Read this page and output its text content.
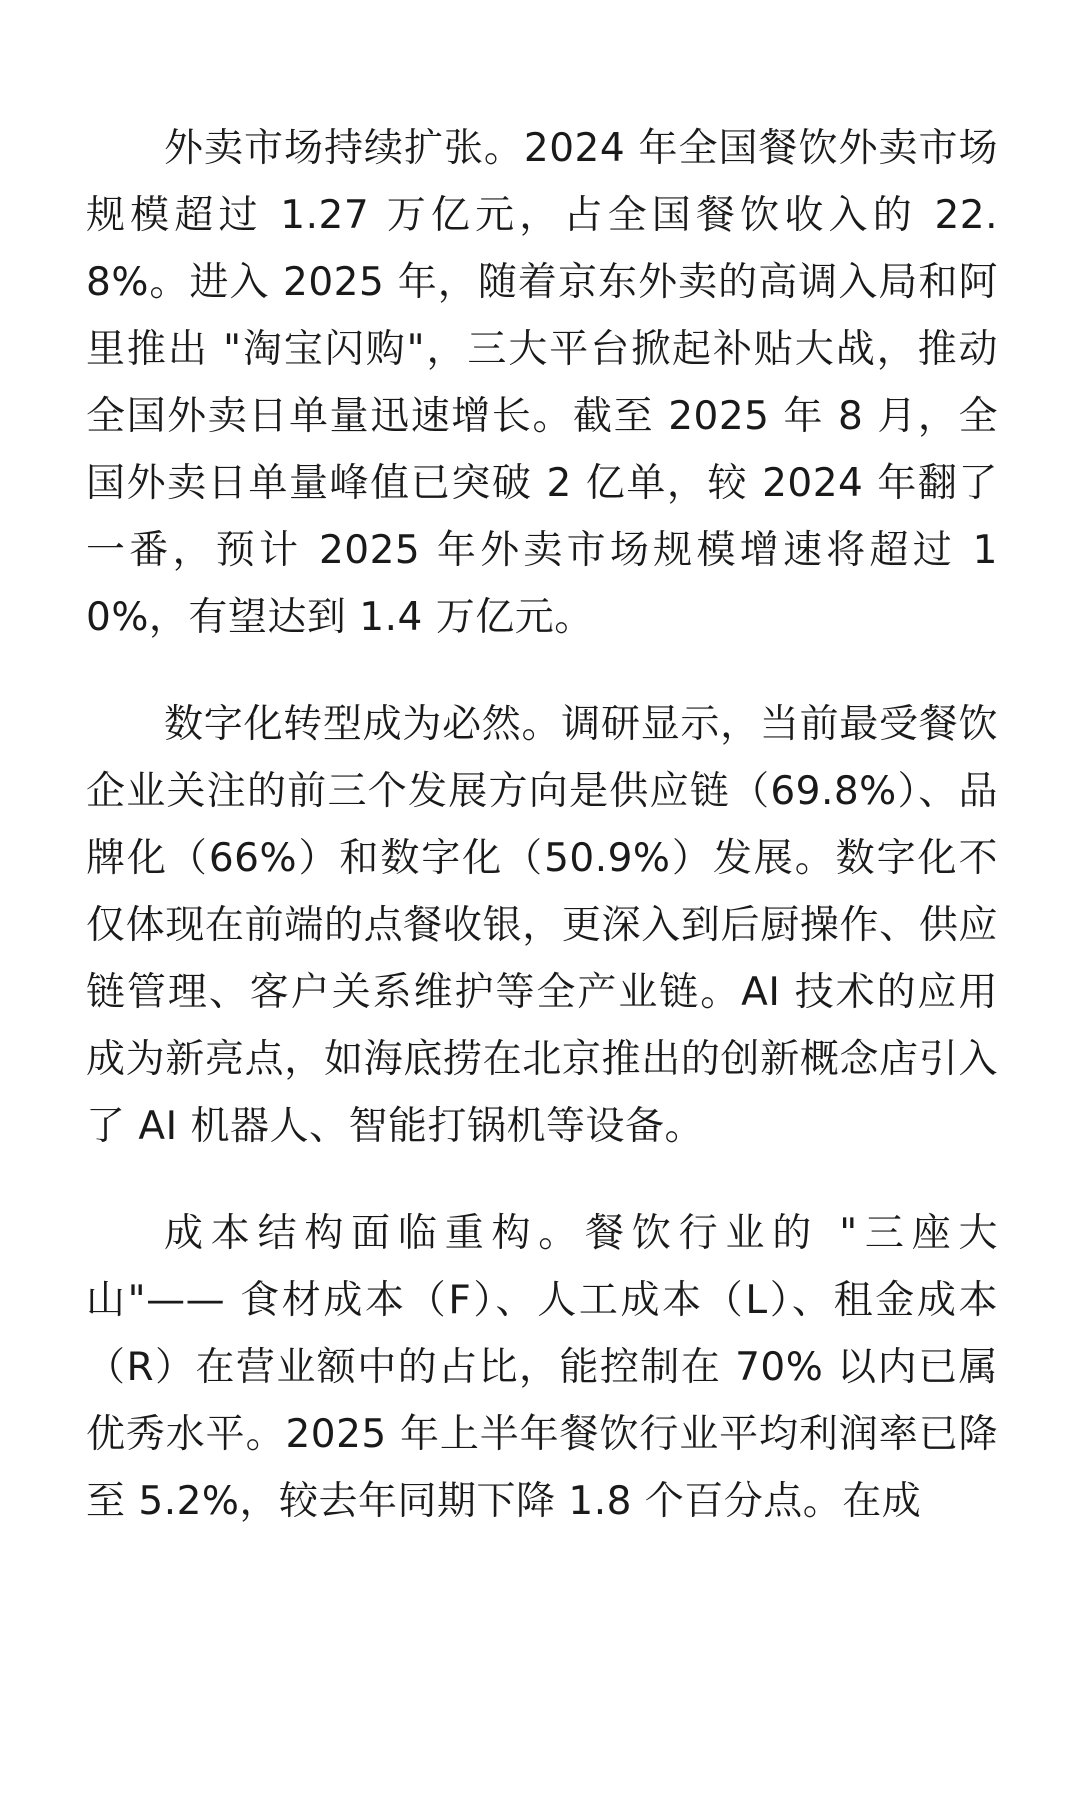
外卖市场持续扩张。2024 年全国餐饮外卖市场规模超过 1.27 万亿元，占全国餐饮收入的 22.8%。进入 2025 年，随着京东外卖的高调入局和阿里推出 "淘宝闪购"，三大平台掀起补贴大战，推动全国外卖日单量迅速增长。截至 2025 年 8 月，全国外卖日单量峰值已突破 2 亿单，较 2024 年翻了一番，预计 2025 年外卖市场规模增速将超过 10%，有望达到 1.4 万亿元。

数字化转型成为必然。调研显示，当前最受餐饮企业关注的前三个发展方向是供应链（69.8%）、品牌化（66%）和数字化（50.9%）发展。数字化不仅体现在前端的点餐收银，更深入到后厨操作、供应链管理、客户关系维护等全产业链。AI 技术的应用成为新亮点，如海底捞在北京推出的创新概念店引入了 AI 机器人、智能打锅机等设备。

成本结构面临重构。餐饮行业的 "三座大山"—— 食材成本（F）、人工成本（L）、租金成本（R）在营业额中的占比，能控制在 70% 以内已属优秀水平。2025 年上半年餐饮行业平均利润率已降至 5.2%，较去年同期下降 1.8 个百分点。在成
